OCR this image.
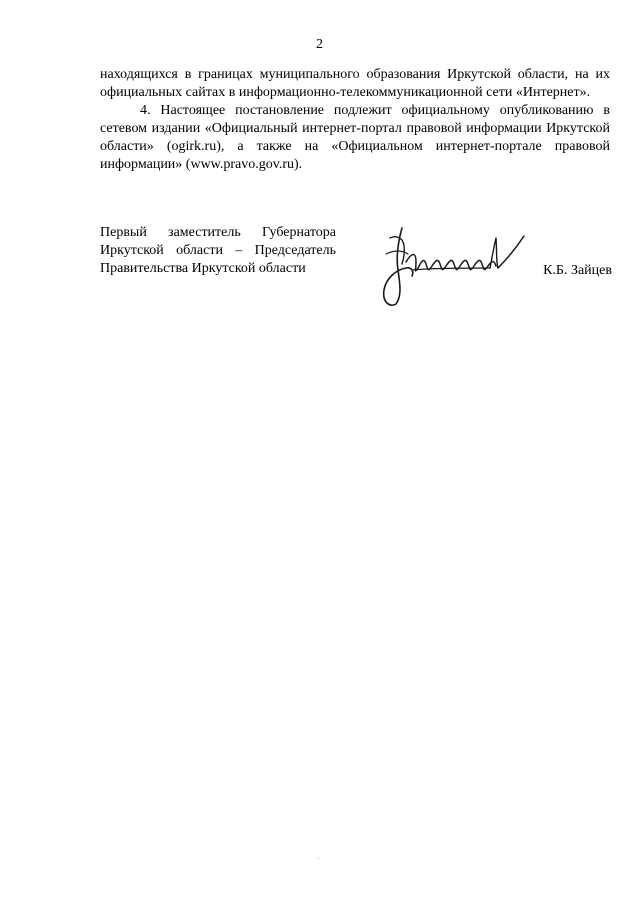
2

находящихся в границах муниципального образования Иркутской области, на их официальных сайтах в информационно-телекоммуникационной сети «Интернет».

4. Настоящее постановление подлежит официальному опубликованию в сетевом издании «Официальный интернет-портал правовой информации Иркутской области» (ogirk.ru), а также на «Официальном интернет-портале правовой информации» (www.pravo.gov.ru).

Первый заместитель Губернатора
Иркутской области – Председатель
Правительства Иркутской области	К.Б. Зайцев
